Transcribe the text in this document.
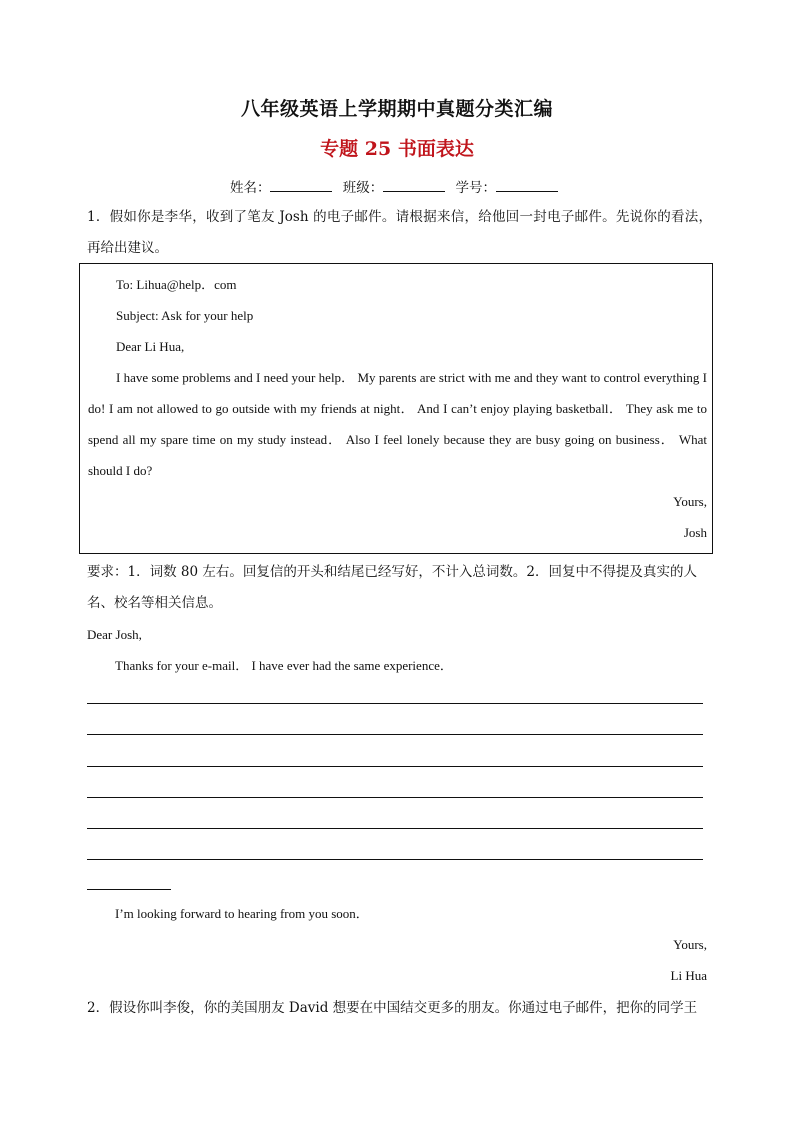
八年级英语上学期期中真题分类汇编
专题 25 书面表达
姓名：	班级：	学号：
1．假如你是李华，收到了笔友 Josh 的电子邮件。请根据来信，给他回一封电子邮件。先说你的看法，再给出建议。
To: Lihua@help．com
Subject: Ask for your help
Dear Li Hua,
I have some problems and I need your help． My parents are strict with me and they want to control everything I do! I am not allowed to go outside with my friends at night． And I can’t enjoy playing basketball． They ask me to spend all my spare time on my study instead． Also I feel lonely because they are busy going on business． What should I do?
Yours,
Josh
要求：1．词数 80 左右。回复信的开头和结尾已经写好，不计入总词数。2．回复中不得提及真实的人名、校名等相关信息。
Dear Josh,
Thanks for your e-mail． I have ever had the same experience．
I’m looking forward to hearing from you soon．
Yours,
Li Hua
2．假设你叫李俊，你的美国朋友 David 想要在中国结交更多的朋友。你通过电子邮件，把你的同学王
